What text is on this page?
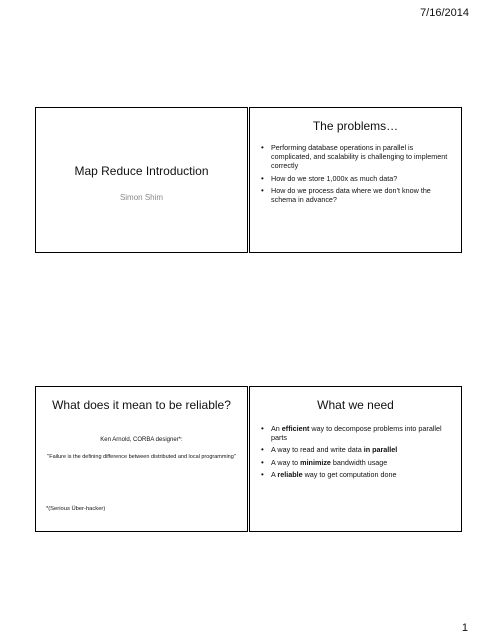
7/16/2014
Map Reduce Introduction
Simon Shim
The problems…
• Performing database operations in parallel is complicated, and scalability is challenging to implement correctly
• How do we store 1,000x as much data?
• How do we process data where we don’t know the schema in advance?
What does it mean to be reliable?
Ken Arnold, CORBA designer*:
"Failure is the defining difference between distributed and local programming"
*(Serious Über-hacker)
What we need
• An efficient way to decompose problems into parallel parts
• A way to read and write data in parallel
• A way to minimize bandwidth usage
• A reliable way to get computation done
1
